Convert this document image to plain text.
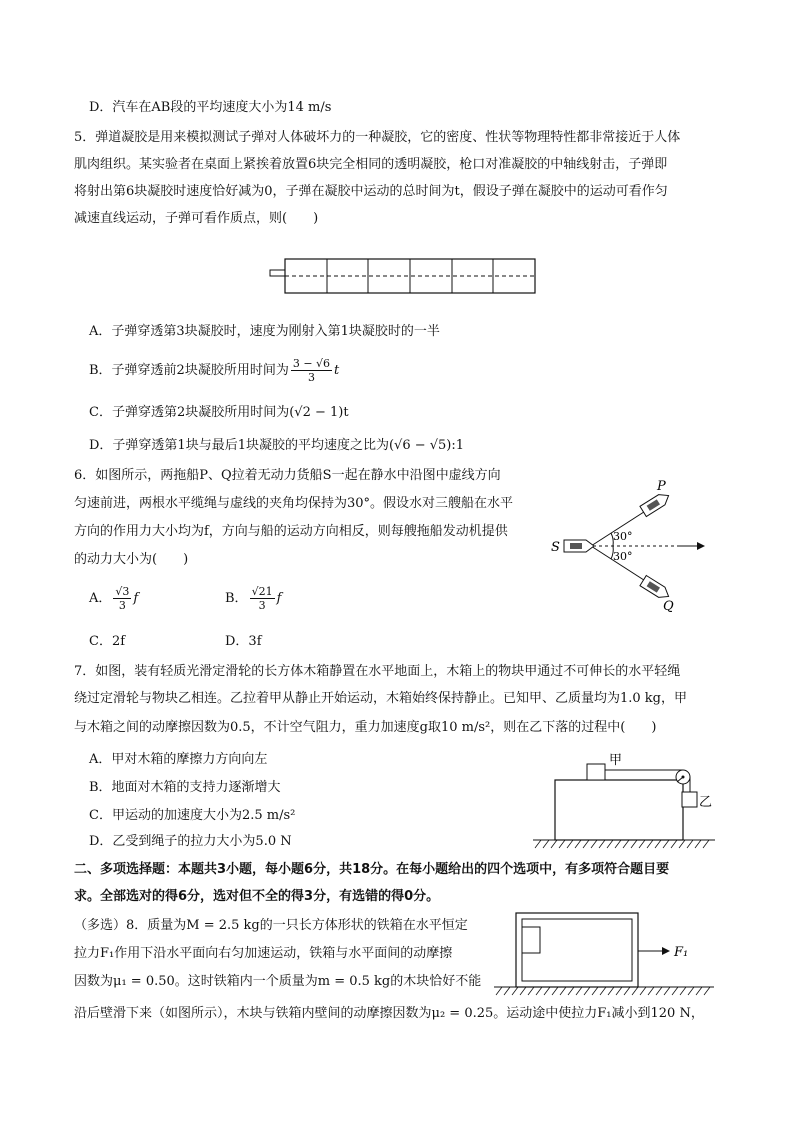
D．汽车在AB段的平均速度大小为14 m/s
5．弹道凝胶是用来模拟测试子弹对人体破坏力的一种凝胶，它的密度、性状等物理特性都非常接近于人体
肌肉组织。某实验者在桌面上紧挨着放置6块完全相同的透明凝胶，枪口对准凝胶的中轴线射击，子弹即
将射出第6块凝胶时速度恰好减为0，子弹在凝胶中运动的总时间为t，假设子弹在凝胶中的运动可看作匀
减速直线运动，子弹可看作质点，则(　　)
A．子弹穿透第3块凝胶时，速度为刚射入第1块凝胶时的一半
B．子弹穿透前2块凝胶所用时间为 $\frac{3 - √6}{3}$ t
C．子弹穿透第2块凝胶所用时间为(√2 − 1)t
D．子弹穿透第1块与最后1块凝胶的平均速度之比为(√6 − √5):1
6．如图所示，两拖船P、Q拉着无动力货船S一起在静水中沿图中虚线方向
匀速前进，两根水平缆绳与虚线的夹角均保持为30°。假设水对三艘船在水平
方向的作用力大小均为f，方向与船的运动方向相反，则每艘拖船发动机提供
的动力大小为(　　)
A． $\frac{√3}{3}$ f	B． $\frac{√21}{3}$ f
C．2f	D．3f
P
Q
S
30°
30°
7．如图，装有轻质光滑定滑轮的长方体木箱静置在水平地面上，木箱上的物块甲通过不可伸长的水平轻绳
绕过定滑轮与物块乙相连。乙拉着甲从静止开始运动，木箱始终保持静止。已知甲、乙质量均为1.0 kg，甲
与木箱之间的动摩擦因数为0.5，不计空气阻力，重力加速度g取10 m/s²，则在乙下落的过程中(　　)
A．甲对木箱的摩擦力方向向左
B．地面对木箱的支持力逐渐增大
C．甲运动的加速度大小为2.5 m/s²
D．乙受到绳子的拉力大小为5.0 N
甲
乙
二、多项选择题：本题共3小题，每小题6分，共18分。在每小题给出的四个选项中，有多项符合题目要
求。全部选对的得6分，选对但不全的得3分，有选错的得0分。
（多选）8．质量为M = 2.5 kg的一只长方体形状的铁箱在水平恒定
拉力F₁作用下沿水平面向右匀加速运动，铁箱与水平面间的动摩擦
因数为μ₁ = 0.50。这时铁箱内一个质量为m = 0.5 kg的木块恰好不能
沿后壁滑下来（如图所示），木块与铁箱内壁间的动摩擦因数为μ₂ = 0.25。运动途中使拉力F₁减小到120 N，
F₁
